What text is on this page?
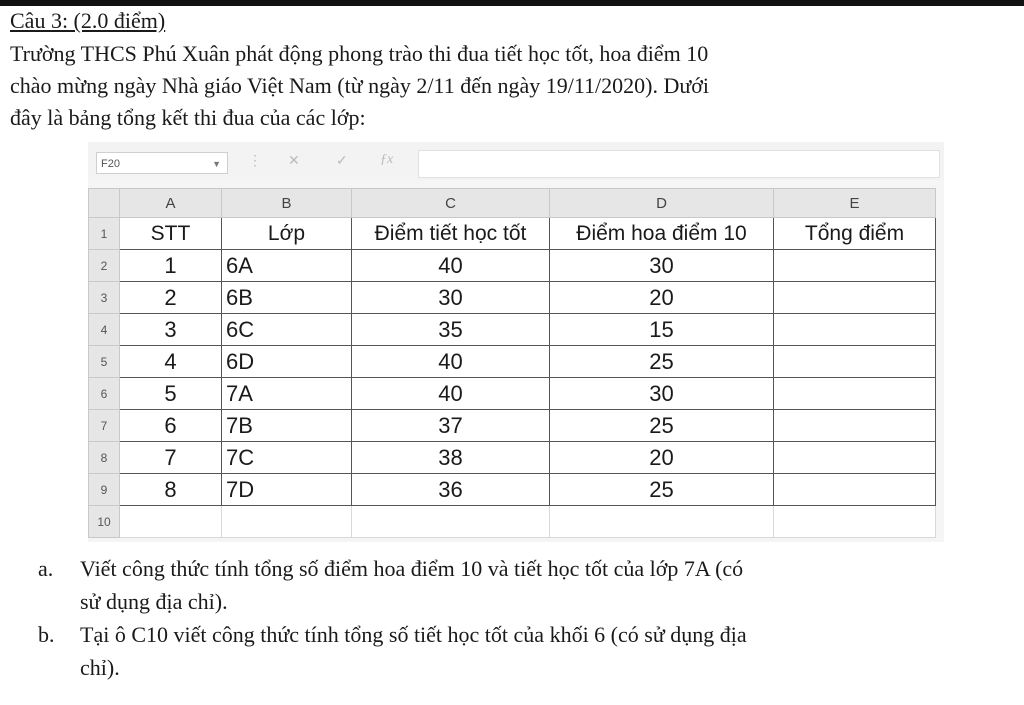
Câu 3: (2.0 điểm)
Trường THCS Phú Xuân phát động phong trào thi đua tiết học tốt, hoa điểm 10
chào mừng ngày Nhà giáo Việt Nam (từ ngày 2/11 đến ngày 19/11/2020). Dưới
đây là bảng tổng kết thi đua của các lớp:
F20	▼ ⋮ ✕	✓ ƒx
	A	B	C	D	E
1	STT	Lớp	Điểm tiết học tốt	Điểm hoa điểm 10	Tổng điểm
2	1	6A	40	30	
3	2	6B	30	20	
4	3	6C	35	15	
5	4	6D	40	25	
6	5	7A	40	30	
7	6	7B	37	25	
8	7	7C	38	20	
9	8	7D	36	25	
10					
a. Viết công thức tính tổng số điểm hoa điểm 10 và tiết học tốt của lớp 7A (có
sử dụng địa chỉ).
b. Tại ô C10 viết công thức tính tổng số tiết học tốt của khối 6 (có sử dụng địa
chỉ).
